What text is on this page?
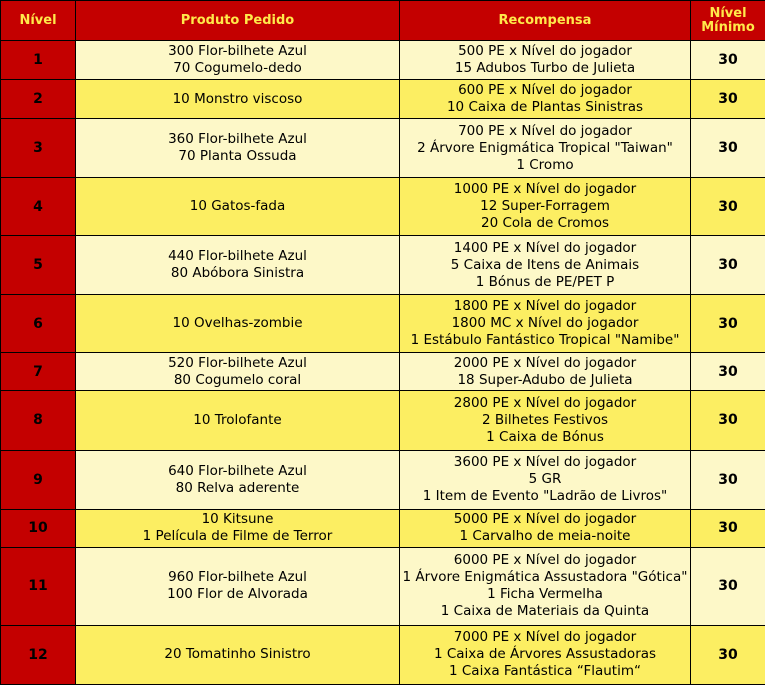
Nível	Produto Pedido	Recompensa	Nível
Mínimo

1	300 Flor-bilhete Azul
70 Cogumelo-dedo	500 PE x Nível do jogador
15 Adubos Turbo de Julieta	30
2	10 Monstro viscoso	600 PE x Nível do jogador
10 Caixa de Plantas Sinistras	30
3	360 Flor-bilhete Azul
70 Planta Ossuda	700 PE x Nível do jogador
2 Árvore Enigmática Tropical "Taiwan"
1 Cromo	30
4	10 Gatos-fada	1000 PE x Nível do jogador
12 Super-Forragem
20 Cola de Cromos	30
5	440 Flor-bilhete Azul
80 Abóbora Sinistra	1400 PE x Nível do jogador
5 Caixa de Itens de Animais
1 Bónus de PE/PET P	30
6	10 Ovelhas-zombie	1800 PE x Nível do jogador
1800 MC x Nível do jogador
1 Estábulo Fantástico Tropical "Namibe"	30
7	520 Flor-bilhete Azul
80 Cogumelo coral	2000 PE x Nível do jogador
18 Super-Adubo de Julieta	30
8	10 Trolofante	2800 PE x Nível do jogador
2 Bilhetes Festivos
1 Caixa de Bónus	30
9	640 Flor-bilhete Azul
80 Relva aderente	3600 PE x Nível do jogador
5 GR
1 Item de Evento "Ladrão de Livros"	30
10	10 Kitsune
1 Película de Filme de Terror	5000 PE x Nível do jogador
1 Carvalho de meia-noite	30
11	960 Flor-bilhete Azul
100 Flor de Alvorada	6000 PE x Nível do jogador
1 Árvore Enigmática Assustadora "Gótica"
1 Ficha Vermelha
1 Caixa de Materiais da Quinta	30
12	20 Tomatinho Sinistro	7000 PE x Nível do jogador
1 Caixa de Árvores Assustadoras
1 Caixa Fantástica “Flautim“	30
